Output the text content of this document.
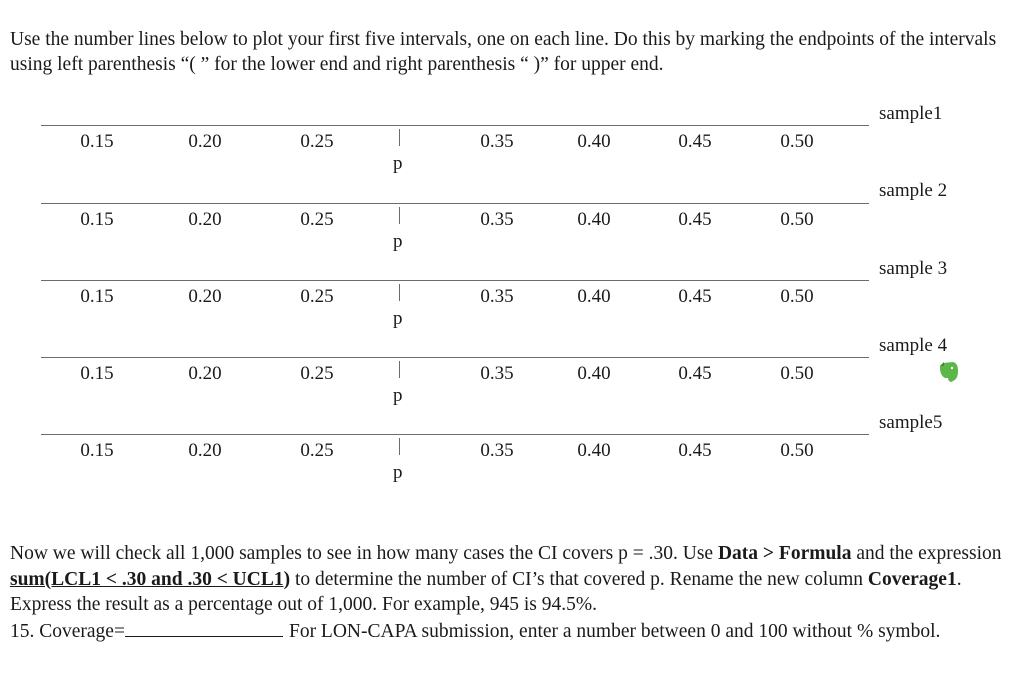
Use the number lines below to plot your first five intervals, one on each line. Do this by marking the endpoints of the intervals using left parenthesis “( ” for the lower end and right parenthesis “ )” for upper end.

0.15	0.20	0.25	0.35	0.40	0.45	0.50
p
sample1
0.15	0.20	0.25	0.35	0.40	0.45	0.50
p
sample 2
0.15	0.20	0.25	0.35	0.40	0.45	0.50
p
sample 3
0.15	0.20	0.25	0.35	0.40	0.45	0.50
p
sample 4
0.15	0.20	0.25	0.35	0.40	0.45	0.50
p
sample5
Now we will check all 1,000 samples to see in how many cases the CI covers p = .30. Use Data > Formula and the expression sum(LCL1 < .30 and .30 < UCL1) to determine the number of CI’s that covered p. Rename the new column Coverage1. Express the result as a percentage out of 1,000. For example, 945 is 94.5%.
15. Coverage=	For LON-CAPA submission, enter a number between 0 and 100 without % symbol.
